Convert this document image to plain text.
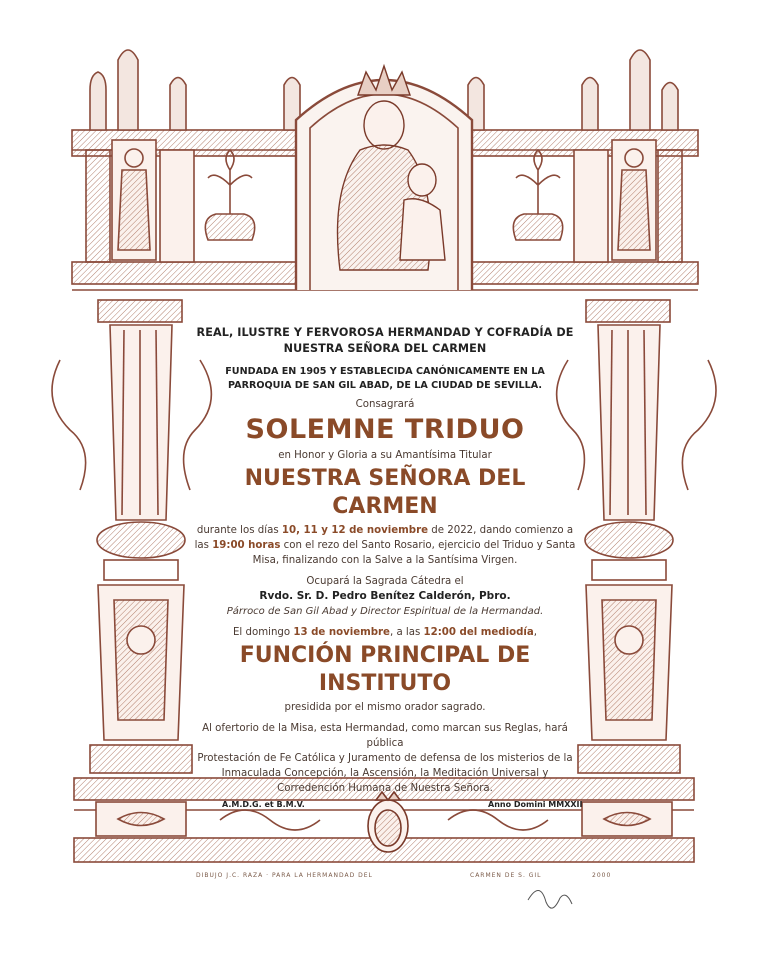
REAL, ILUSTRE Y FERVOROSA HERMANDAD Y COFRADÍA DE
NUESTRA SEÑORA DEL CARMEN
FUNDADA EN 1905 Y ESTABLECIDA CANÓNICAMENTE EN LA
PARROQUIA DE SAN GIL ABAD, DE LA CIUDAD DE SEVILLA.
Consagrará
SOLEMNE TRIDUO
en Honor y Gloria a su Amantísima Titular
NUESTRA SEÑORA DEL CARMEN
durante los días 10, 11 y 12 de noviembre de 2022, dando comienzo a
las 19:00 horas con el rezo del Santo Rosario, ejercicio del Triduo y Santa
Misa, finalizando con la Salve a la Santísima Virgen.
Ocupará la Sagrada Cátedra el
Rvdo. Sr. D. Pedro Benítez Calderón, Pbro.
Párroco de San Gil Abad y Director Espiritual de la Hermandad.
El domingo 13 de noviembre, a las 12:00 del mediodía,
FUNCIÓN PRINCIPAL DE INSTITUTO
presidida por el mismo orador sagrado.
Al ofertorio de la Misa, esta Hermandad, como marcan sus Reglas, hará pública
Protestación de Fe Católica y Juramento de defensa de los misterios de la
Inmaculada Concepción, la Ascensión, la Meditación Universal y
Corredención Humana de Nuestra Señora.
A.M.D.G. et B.M.V.	Anno Domini MMXXII
DIBUJO J.C. RAZA · PARA LA HERMANDAD DEL	CARMEN DE S. GIL	2000
